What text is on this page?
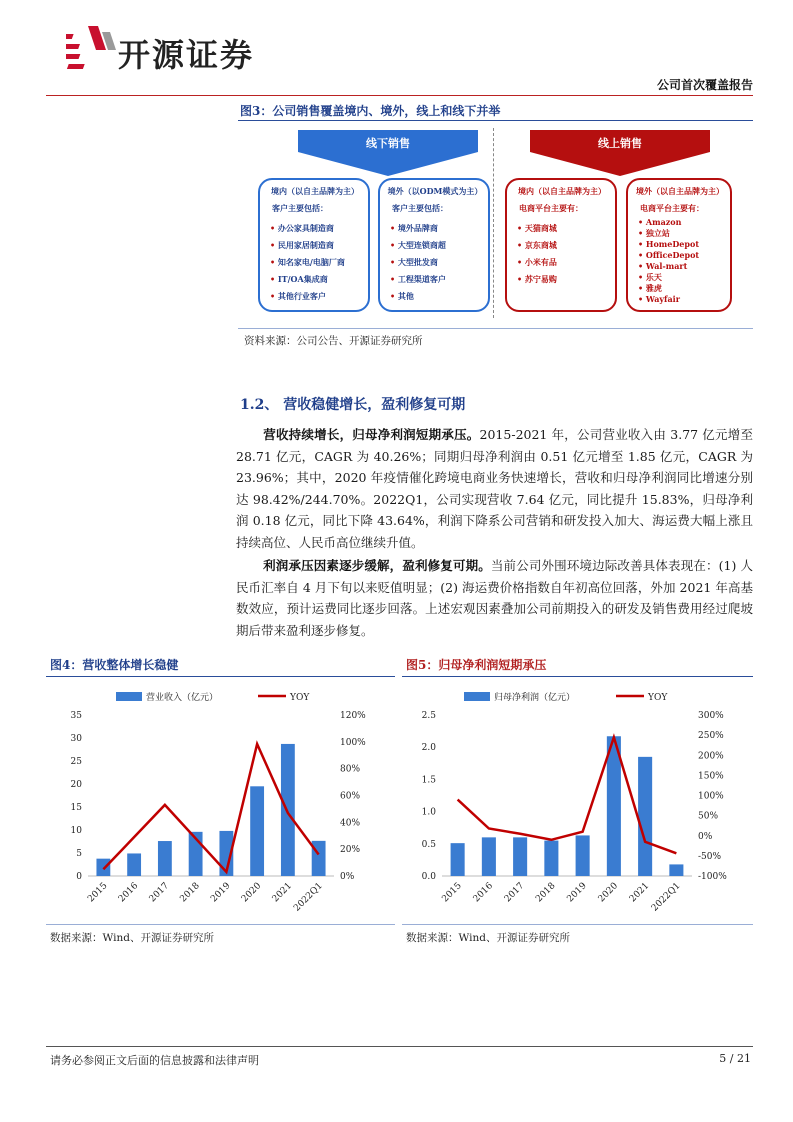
开源证券
公司首次覆盖报告
图3：公司销售覆盖境内、境外，线上和线下并举
线下销售	线上销售
境内（以自主品牌为主）
客户主要包括：
• 办公家具制造商
• 民用家居制造商
• 知名家电/电脑厂商
• IT/OA集成商
• 其他行业客户
境外（以ODM模式为主）
客户主要包括：
• 境外品牌商
• 大型连锁商超
• 大型批发商
• 工程渠道客户
• 其他
境内（以自主品牌为主）
电商平台主要有：
• 天猫商城
• 京东商城
• 小米有品
• 苏宁易购
境外（以自主品牌为主）
电商平台主要有：
• Amazon
• 独立站
• HomeDepot
• OfficeDepot
• Wal-mart
• 乐天
• 雅虎
• Wayfair
资料来源：公司公告、开源证券研究所
1.2、 营收稳健增长，盈利修复可期
营收持续增长，归母净利润短期承压。2015-2021 年，公司营业收入由 3.77 亿元增至 28.71 亿元，CAGR 为 40.26%；同期归母净利润由 0.51 亿元增至 1.85 亿元，CAGR 为 23.96%；其中，2020 年疫情催化跨境电商业务快速增长，营收和归母净利润同比增速分别达 98.42%/244.70%。2022Q1，公司实现营收 7.64 亿元，同比提升 15.83%，归母净利润 0.18 亿元，同比下降 43.64%，利润下降系公司营销和研发投入加大、海运费大幅上涨且持续高位、人民币高位继续升值。
利润承压因素逐步缓解，盈利修复可期。当前公司外围环境边际改善具体表现在：(1) 人民币汇率自 4 月下旬以来贬值明显；(2) 海运费价格指数自年初高位回落，外加 2021 年高基数效应，预计运费同比逐步回落。上述宏观因素叠加公司前期投入的研发及销售费用经过爬坡期后带来盈利逐步修复。
图4：营收整体增长稳健
营业收入（亿元）	YOY
0
5
10
15
20
25
30
35
0%
20%
40%
60%
80%
100%
120%
2015 2016 2017 2018 2019 2020 2021
2022Q1
数据来源：Wind、开源证券研究所
图5：归母净利润短期承压
归母净利润（亿元）	YOY
0.0
0.5
1.0
1.5
2.0
2.5
-100%
-50%
0%
50%
100%
150%
200%
250%
300%
2015 2016 2017 2018 2019 2020 2021
2022Q1
数据来源：Wind、开源证券研究所
请务必参阅正文后面的信息披露和法律声明	5 / 21
